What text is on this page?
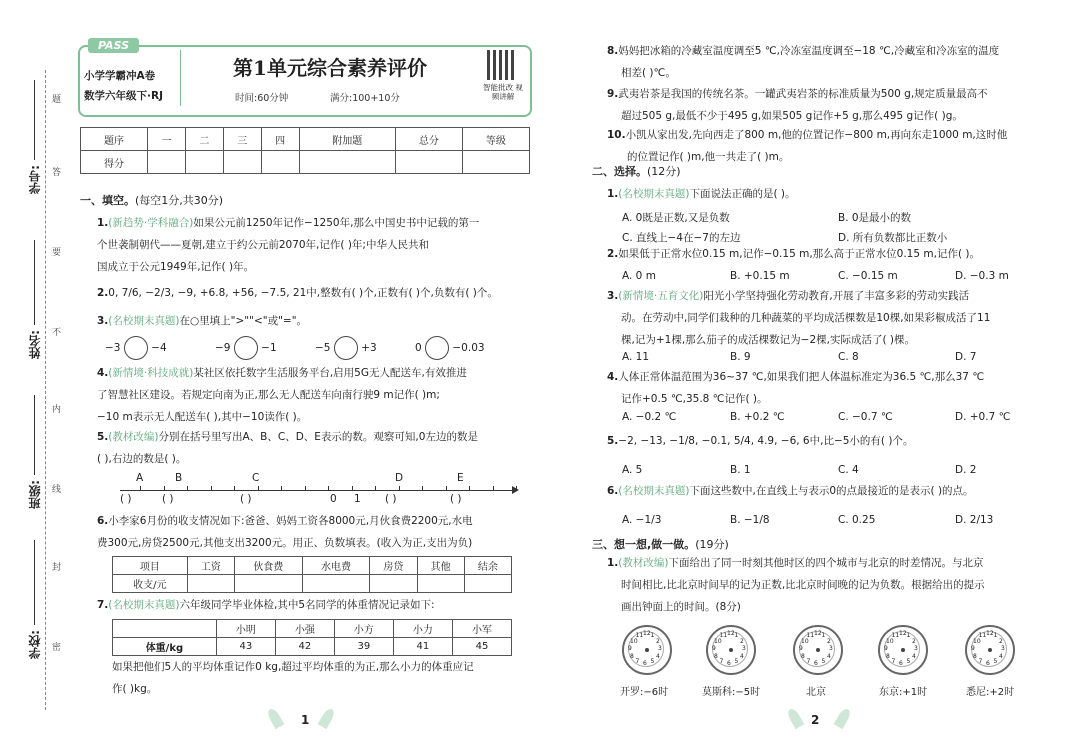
题
答
要
不
内
线
封
密
学号:
姓名:
班级:
学校:
PASS
小学学霸冲A卷
数学六年级下·RJ
第1单元综合素养评价
时间:60分钟	满分:100+10分
智能批改 视频讲解
题序	一	二	三	四	附加题	总分	等级
得分							
一、填空。(每空1分,共30分)
1.(新趋势·学科融合)如果公元前1250年记作−1250年,那么中国史书中记载的第一
个世袭制朝代——夏朝,建立于约公元前2070年,记作( )年;中华人民共和
国成立于公元1949年,记作( )年。
2.0, 7/6, −2/3, −9, +6.8, +56, −7.5, 21中,整数有( )个,正数有( )个,负数有( )个。
3.(名校期末真题)在○里填上">""<"或"="。
−3	−4	−9	−1	−5	+3	0	−0.03
4.(新情境·科技成就)某社区依托数字生活服务平台,启用5G无人配送车,有效推进
了智慧社区建设。若规定向南为正,那么无人配送车向南行驶9 m记作( )m;
−10 m表示无人配送车( ),其中−10读作( )。
5.(教材改编)分别在括号里写出A、B、C、D、E表示的数。观察可知,0左边的数是
( ),右边的数是( )。
A	B	C	D	E
0 1
( )	( )	( )	( )	( )
6.小李家6月份的收支情况如下:爸爸、妈妈工资各8000元,月伙食费2200元,水电
费300元,房贷2500元,其他支出3200元。用正、负数填表。(收入为正,支出为负)
项目	工资	伙食费	水电费	房贷	其他	结余
收支/元						
7.(名校期末真题)六年级同学毕业体检,其中5名同学的体重情况记录如下:
	小明	小强	小方	小力	小军
体重/kg	43	42	39	41	45
如果把他们5人的平均体重记作0 kg,超过平均体重的为正,那么小力的体重应记
作( )kg。
1
8.妈妈把冰箱的冷藏室温度调至5 ℃,冷冻室温度调至−18 ℃,冷藏室和冷冻室的温度
相差( )℃。
9.武夷岩茶是我国的传统名茶。一罐武夷岩茶的标准质量为500 g,规定质量最高不
超过505 g,最低不少于495 g,如果505 g记作+5 g,那么495 g记作( )g。
10.小凯从家出发,先向西走了800 m,他的位置记作−800 m,再向东走1000 m,这时他
的位置记作( )m,他一共走了( )m。
二、选择。(12分)
1.(名校期末真题)下面说法正确的是( )。
A. 0既是正数,又是负数	B. 0是最小的数
C. 直线上−4在−7的左边	D. 所有负数都比正数小
2.如果低于正常水位0.15 m,记作−0.15 m,那么高于正常水位0.15 m,记作( )。
A. 0 m	B. +0.15 m	C. −0.15 m	D. −0.3 m
3.(新情境·五育文化)阳光小学坚持强化劳动教育,开展了丰富多彩的劳动实践活
动。在劳动中,同学们栽种的几种蔬菜的平均成活棵数是10棵,如果彩椒成活了11
棵,记为+1棵,那么茄子的成活棵数记为−2棵,实际成活了( )棵。
A. 11	B. 9	C. 8	D. 7
4.人体正常体温范围为36~37 ℃,如果我们把人体温标准定为36.5 ℃,那么37 ℃
记作+0.5 ℃,35.8 ℃记作( )。
A. −0.2 ℃	B. +0.2 ℃	C. −0.7 ℃	D. +0.7 ℃
5.−2, −13, −1/8, −0.1, 5/4, 4.9, −6, 6中,比−5小的有( )个。
A. 5	B. 1	C. 4	D. 2
6.(名校期末真题)下面这些数中,在直线上与表示0的点最接近的是表示( )的点。
A. −1/3	B. −1/8	C. 0.25	D. 2/13
三、想一想,做一做。(19分)
1.(教材改编)下面给出了同一时刻其他时区的四个城市与北京的时差情况。与北京
时间相比,比北京时间早的记为正数,比北京时间晚的记为负数。根据给出的提示
画出钟面上的时间。(8分)
1
2
3
4
5
6
7
8
9
10
11 12	1
2
3
4
5
6
7
8
9
10
11 12	1
2
3
4
5
6
7
8
9
10
11 12	1
2
3
4
5
6
7
8
9
10
11 12	1
2
3
4
5
6
7
8
9
10
11 12
开罗:−6时	莫斯科:−5时	北京	东京:+1时	悉尼:+2时
2
